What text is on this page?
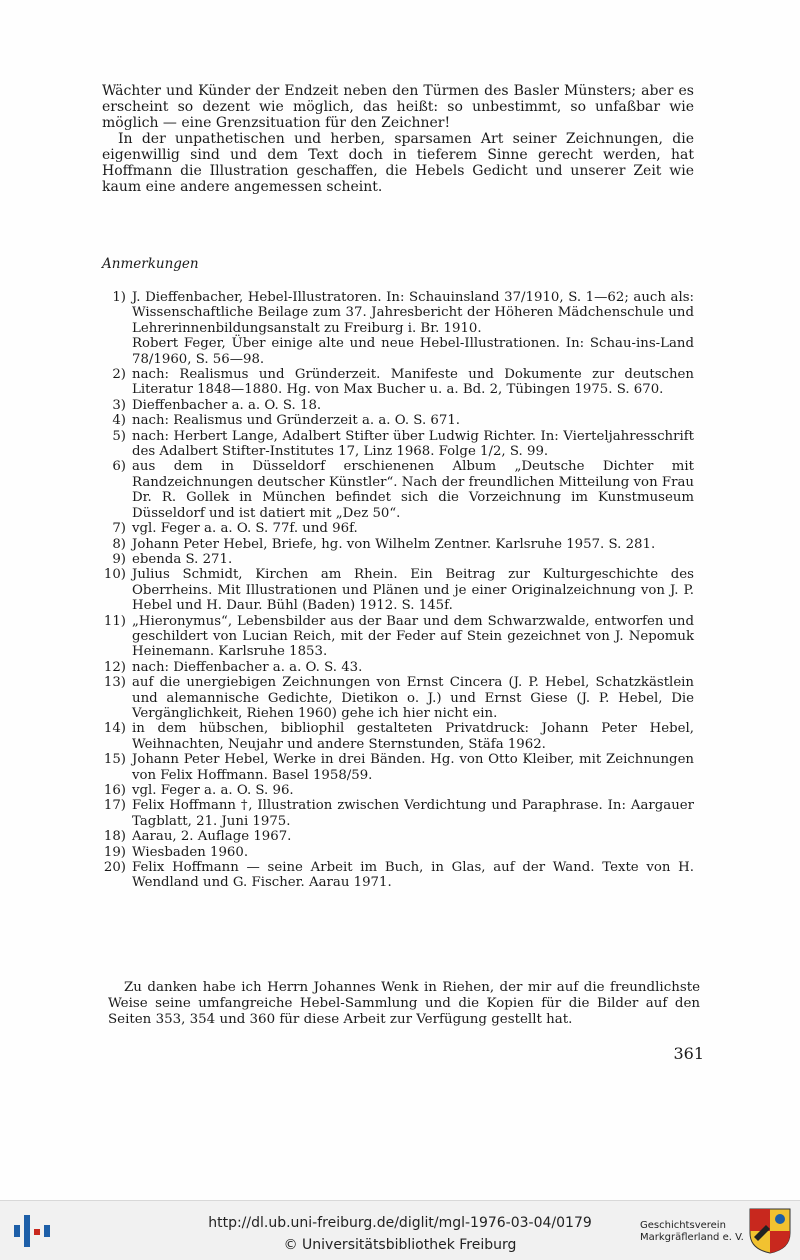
Wächter und Künder der Endzeit neben den Türmen des Basler Münsters; aber es erscheint so dezent wie möglich, das heißt: so unbestimmt, so unfaßbar wie möglich — eine Grenzsituation für den Zeichner!

In der unpathetischen und herben, sparsamen Art seiner Zeichnungen, die eigenwillig sind und dem Text doch in tieferem Sinne gerecht werden, hat Hoffmann die Illustration geschaffen, die Hebels Gedicht und unserer Zeit wie kaum eine andere angemessen scheint.

Anmerkungen
1) J. Dieffenbacher, Hebel-Illustratoren. In: Schauinsland 37/1910, S. 1—62; auch als: Wissenschaftliche Beilage zum 37. Jahresbericht der Höheren Mädchenschule und Lehrerinnenbildungsanstalt zu Freiburg i. Br. 1910.
Robert Feger, Über einige alte und neue Hebel-Illustrationen. In: Schau-ins-Land 78/1960, S. 56—98.
2) nach: Realismus und Gründerzeit. Manifeste und Dokumente zur deutschen Literatur 1848—1880. Hg. von Max Bucher u. a. Bd. 2, Tübingen 1975. S. 670.
3) Dieffenbacher a. a. O. S. 18.
4) nach: Realismus und Gründerzeit a. a. O. S. 671.
5) nach: Herbert Lange, Adalbert Stifter über Ludwig Richter. In: Vierteljahresschrift des Adalbert Stifter-Institutes 17, Linz 1968. Folge 1/2, S. 99.
6) aus dem in Düsseldorf erschienenen Album „Deutsche Dichter mit Randzeichnungen deutscher Künstler“. Nach der freundlichen Mitteilung von Frau Dr. R. Gollek in München befindet sich die Vorzeichnung im Kunstmuseum Düsseldorf und ist datiert mit „Dez 50“.
7) vgl. Feger a. a. O. S. 77f. und 96f.
8) Johann Peter Hebel, Briefe, hg. von Wilhelm Zentner. Karlsruhe 1957. S. 281.
9) ebenda S. 271.
10) Julius Schmidt, Kirchen am Rhein. Ein Beitrag zur Kulturgeschichte des Oberrheins. Mit Illustrationen und Plänen und je einer Originalzeichnung von J. P. Hebel und H. Daur. Bühl (Baden) 1912. S. 145f.
11) „Hieronymus“, Lebensbilder aus der Baar und dem Schwarzwalde, entworfen und geschildert von Lucian Reich, mit der Feder auf Stein gezeichnet von J. Nepomuk Heinemann. Karlsruhe 1853.
12) nach: Dieffenbacher a. a. O. S. 43.
13) auf die unergiebigen Zeichnungen von Ernst Cincera (J. P. Hebel, Schatzkästlein und alemannische Gedichte, Dietikon o. J.) und Ernst Giese (J. P. Hebel, Die Vergänglichkeit, Riehen 1960) gehe ich hier nicht ein.
14) in dem hübschen, bibliophil gestalteten Privatdruck: Johann Peter Hebel, Weihnachten, Neujahr und andere Sternstunden, Stäfa 1962.
15) Johann Peter Hebel, Werke in drei Bänden. Hg. von Otto Kleiber, mit Zeichnungen von Felix Hoffmann. Basel 1958/59.
16) vgl. Feger a. a. O. S. 96.
17) Felix Hoffmann †, Illustration zwischen Verdichtung und Paraphrase. In: Aargauer Tagblatt, 21. Juni 1975.
18) Aarau, 2. Auflage 1967.
19) Wiesbaden 1960.
20) Felix Hoffmann — seine Arbeit im Buch, in Glas, auf der Wand. Texte von H. Wendland und G. Fischer. Aarau 1971.
Zu danken habe ich Herrn Johannes Wenk in Riehen, der mir auf die freundlichste Weise seine umfangreiche Hebel-Sammlung und die Kopien für die Bilder auf den Seiten 353, 354 und 360 für diese Arbeit zur Verfügung gestellt hat.
361
http://dl.ub.uni-freiburg.de/diglit/mgl-1976-03-04/0179
© Universitätsbibliothek Freiburg
Geschichtsverein
Markgräflerland e. V.
